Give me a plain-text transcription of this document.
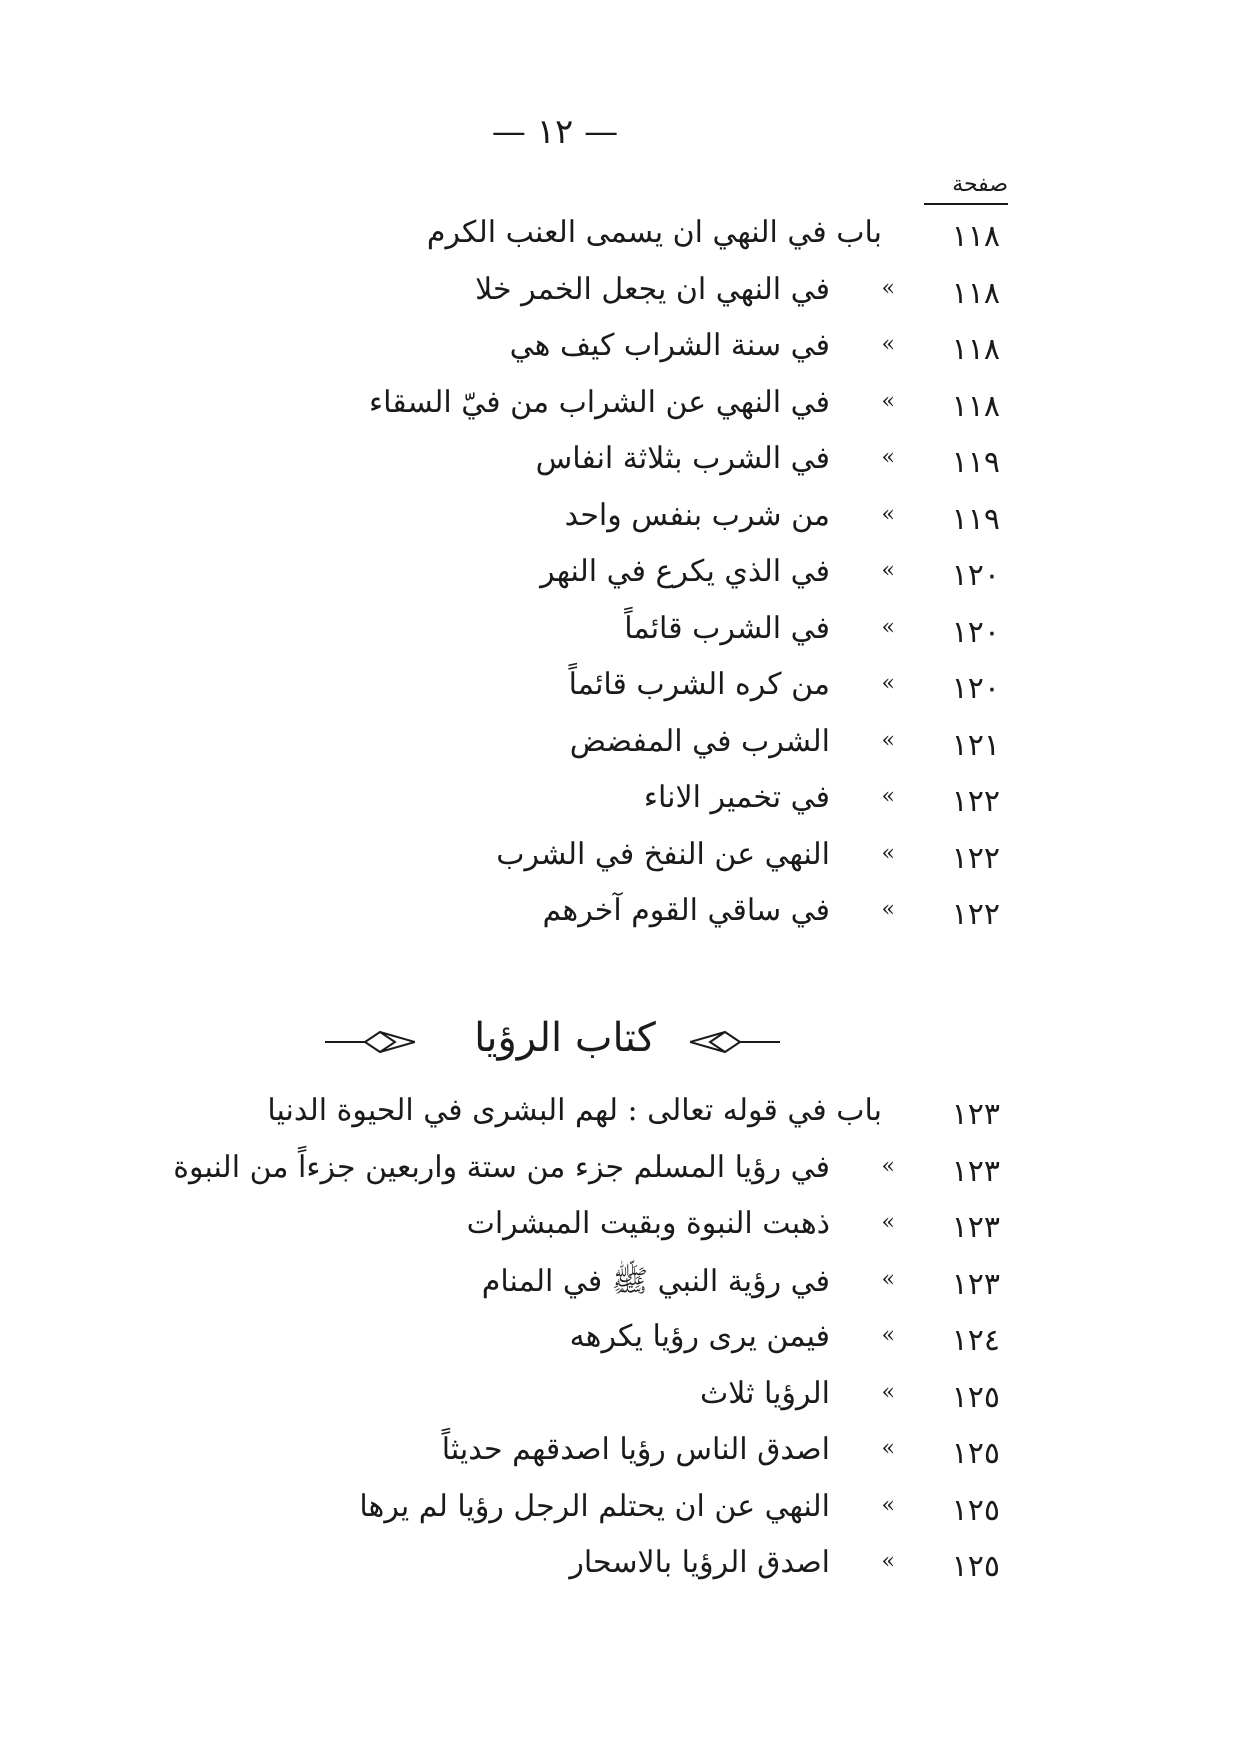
— ١٢ —
صفحة
١١٨
باب في النهي ان يسمى العنب الكرم
١١٨
»
في النهي ان يجعل الخمر خلا
١١٨
»
في سنة الشراب كيف هي
١١٨
»
في النهي عن الشراب من فيّ السقاء
١١٩
»
في الشرب بثلاثة انفاس
١١٩
»
من شرب بنفس واحد
١٢٠
»
في الذي يكرع في النهر
١٢٠
»
في الشرب قائماً
١٢٠
»
من كره الشرب قائماً
١٢١
»
الشرب في المفضض
١٢٢
»
في تخمير الاناء
١٢٢
»
النهي عن النفخ في الشرب
١٢٢
»
في ساقي القوم آخرهم
كتاب الرؤيا
١٢٣
باب في قوله تعالى : لهم البشرى في الحيوة الدنيا
١٢٣
»
في رؤيا المسلم جزء من ستة واربعين جزءاً من النبوة
١٢٣
»
ذهبت النبوة وبقيت المبشرات
١٢٣
»
في رؤية النبي ﷺ في المنام
١٢٤
»
فيمن يرى رؤيا يكرهه
١٢٥
»
الرؤيا ثلاث
١٢٥
»
اصدق الناس رؤيا اصدقهم حديثاً
١٢٥
»
النهي عن ان يحتلم الرجل رؤيا لم يرها
١٢٥
»
اصدق الرؤيا بالاسحار
